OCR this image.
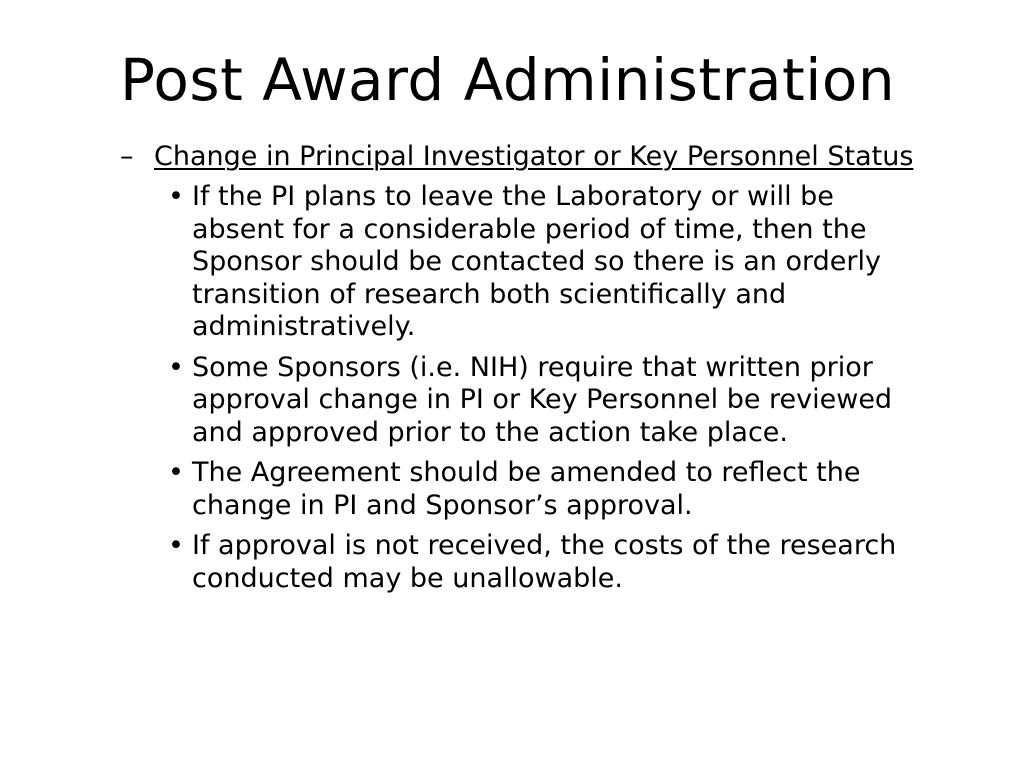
Post Award Administration
– Change in Principal Investigator or Key Personnel Status
• If the PI plans to leave the Laboratory or will be absent for a considerable period of time, then the Sponsor should be contacted so there is an orderly transition of research both scientifically and administratively.
• Some Sponsors (i.e. NIH) require that written prior approval change in PI or Key Personnel be reviewed and approved prior to the action take place.
• The Agreement should be amended to reflect the change in PI and Sponsor’s approval.
• If approval is not received, the costs of the research conducted may be unallowable.
